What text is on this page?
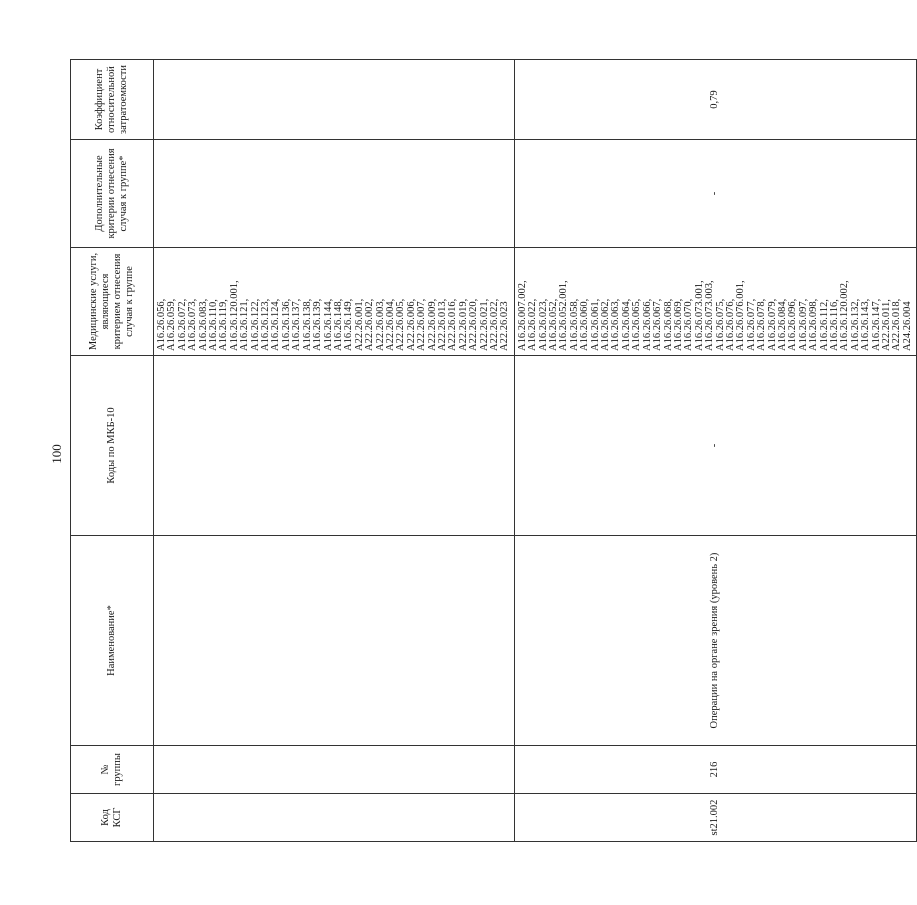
100
Код КСГ	№ группы	Наименование*	Коды по МКБ-10	Медицинские услуги, являющиеся критерием отнесения случая к группе	Дополнительные критерии отнесения случая к группе*	Коэффициент относительной затратоемкости
				A16.26.056, A16.26.059, A16.26.072, A16.26.073, A16.26.083, A16.26.110, A16.26.119, A16.26.120.001, A16.26.121, A16.26.122, A16.26.123, A16.26.124, A16.26.136, A16.26.137, A16.26.138, A16.26.139, A16.26.144, A16.26.148, A16.26.149, A22.26.001, A22.26.002, A22.26.003, A22.26.004, A22.26.005, A22.26.006, A22.26.007, A22.26.009, A22.26.013, A22.26.016, A22.26.019, A22.26.020, A22.26.021, A22.26.022, A22.26.023		
st21.002	216	Операции на органе зрения (уровень 2)	-	A16.26.007.002, A16.26.022, A16.26.023, A16.26.052, A16.26.052.001, A16.26.058, A16.26.060, A16.26.061, A16.26.062, A16.26.063, A16.26.064, A16.26.065, A16.26.066, A16.26.067, A16.26.068, A16.26.069, A16.26.070, A16.26.073.001, A16.26.073.003, A16.26.075, A16.26.076, A16.26.076.001, A16.26.077, A16.26.078, A16.26.079, A16.26.084, A16.26.096, A16.26.097, A16.26.098, A16.26.112, A16.26.116, A16.26.120.002, A16.26.132, A16.26.143, A16.26.147, A22.26.011, A22.26.018, A24.26.004	-	0,79
